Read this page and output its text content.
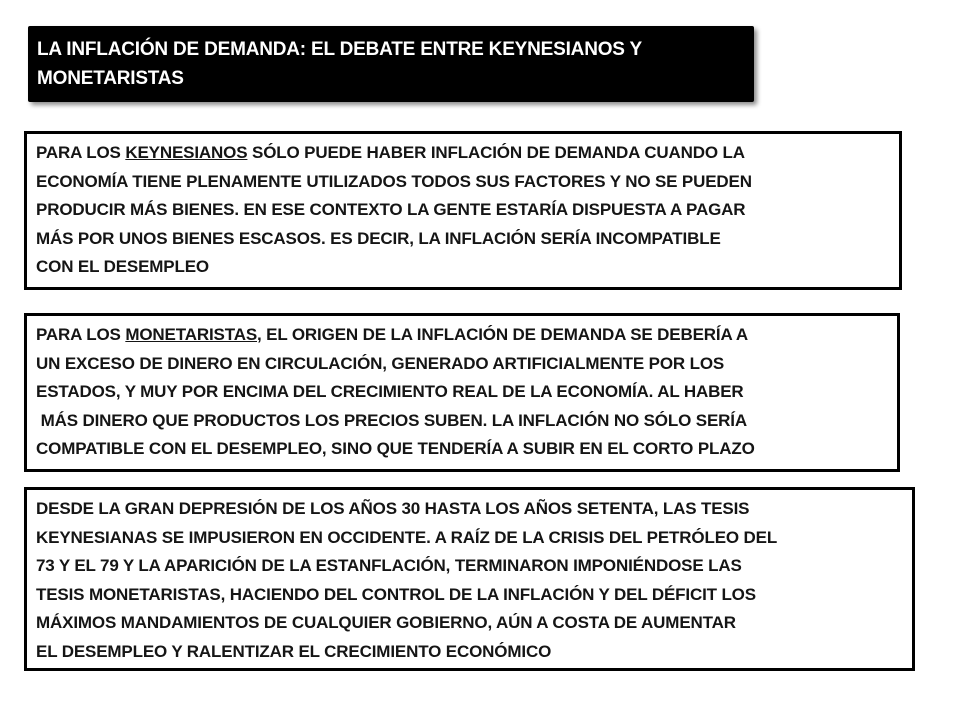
LA INFLACIÓN DE DEMANDA: EL DEBATE ENTRE KEYNESIANOS Y
MONETARISTAS
PARA LOS KEYNESIANOS SÓLO PUEDE HABER INFLACIÓN DE DEMANDA CUANDO LA
ECONOMÍA TIENE PLENAMENTE UTILIZADOS TODOS SUS FACTORES Y NO SE PUEDEN
PRODUCIR MÁS BIENES. EN ESE CONTEXTO LA GENTE ESTARÍA DISPUESTA A PAGAR
MÁS POR UNOS BIENES ESCASOS. ES DECIR, LA INFLACIÓN SERÍA INCOMPATIBLE
CON EL DESEMPLEO
PARA LOS MONETARISTAS, EL ORIGEN DE LA INFLACIÓN DE DEMANDA SE DEBERÍA A
UN EXCESO DE DINERO EN CIRCULACIÓN, GENERADO ARTIFICIALMENTE POR LOS
ESTADOS, Y MUY POR ENCIMA DEL CRECIMIENTO REAL DE LA ECONOMÍA. AL HABER
MÁS DINERO QUE PRODUCTOS LOS PRECIOS SUBEN. LA INFLACIÓN NO SÓLO SERÍA
COMPATIBLE CON EL DESEMPLEO, SINO QUE TENDERÍA A SUBIR EN EL CORTO PLAZO
DESDE LA GRAN DEPRESIÓN DE LOS AÑOS 30 HASTA LOS AÑOS SETENTA, LAS TESIS
KEYNESIANAS SE IMPUSIERON EN OCCIDENTE. A RAÍZ DE LA CRISIS DEL PETRÓLEO DEL
73 Y EL 79 Y LA APARICIÓN DE LA ESTANFLACIÓN, TERMINARON IMPONIÉNDOSE LAS
TESIS MONETARISTAS, HACIENDO DEL CONTROL DE LA INFLACIÓN Y DEL DÉFICIT LOS
MÁXIMOS MANDAMIENTOS DE CUALQUIER GOBIERNO, AÚN A COSTA DE AUMENTAR
EL DESEMPLEO Y RALENTIZAR EL CRECIMIENTO ECONÓMICO
